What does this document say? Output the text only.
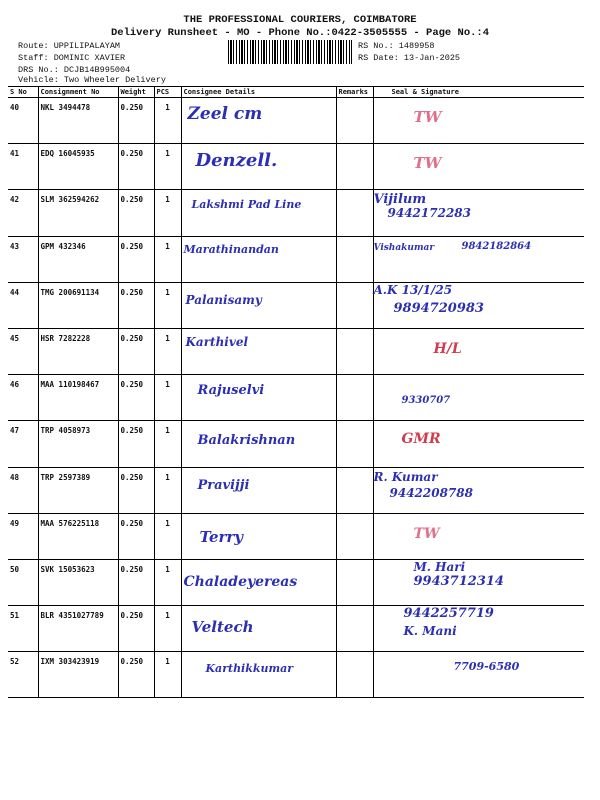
THE PROFESSIONAL COURIERS, COIMBATORE
Delivery Runsheet - MO - Phone No.:0422-3505555 - Page No.:4
Route: UPPILIPALAYAM
Staff: DOMINIC XAVIER
DRS No.: DCJB14B995004
Vehicle: Two Wheeler Delivery
RS No.: 1489958
RS Date: 13-Jan-2025
S No	Consignment No	Weight	PCS	Consignee Details	Remarks	Seal & Signature
40	NKL 3494478	0.250	1	Zeel cm		TW

41	EDQ 16045935	0.250	1	Denzell.		TW

42	SLM 362594262	0.250	1	Lakshmi Pad Line		Vijilum
9442172283

43	GPM 432346	0.250	1	Marathinandan		Vishakumar 9842182864

44	TMG 200691134	0.250	1	Palanisamy		A.K 13/1/25
9894720983

45	HSR 7282228	0.250	1	Karthivel		H/L

46	MAA 110198467	0.250	1	Rajuselvi		9330707

47	TRP 4058973	0.250	1	Balakrishnan		GMR

48	TRP 2597389	0.250	1	Pravijji		R. Kumar
9442208788

49	MAA 576225118	0.250	1	Terry		TW

50	SVK 15053623	0.250	1	Chaladeyereas		M. Hari
9943712314

51	BLR 4351027789	0.250	1	Veltech		9442257719
K. Mani

52	IXM 303423919	0.250	1	Karthikkumar		7709-6580
